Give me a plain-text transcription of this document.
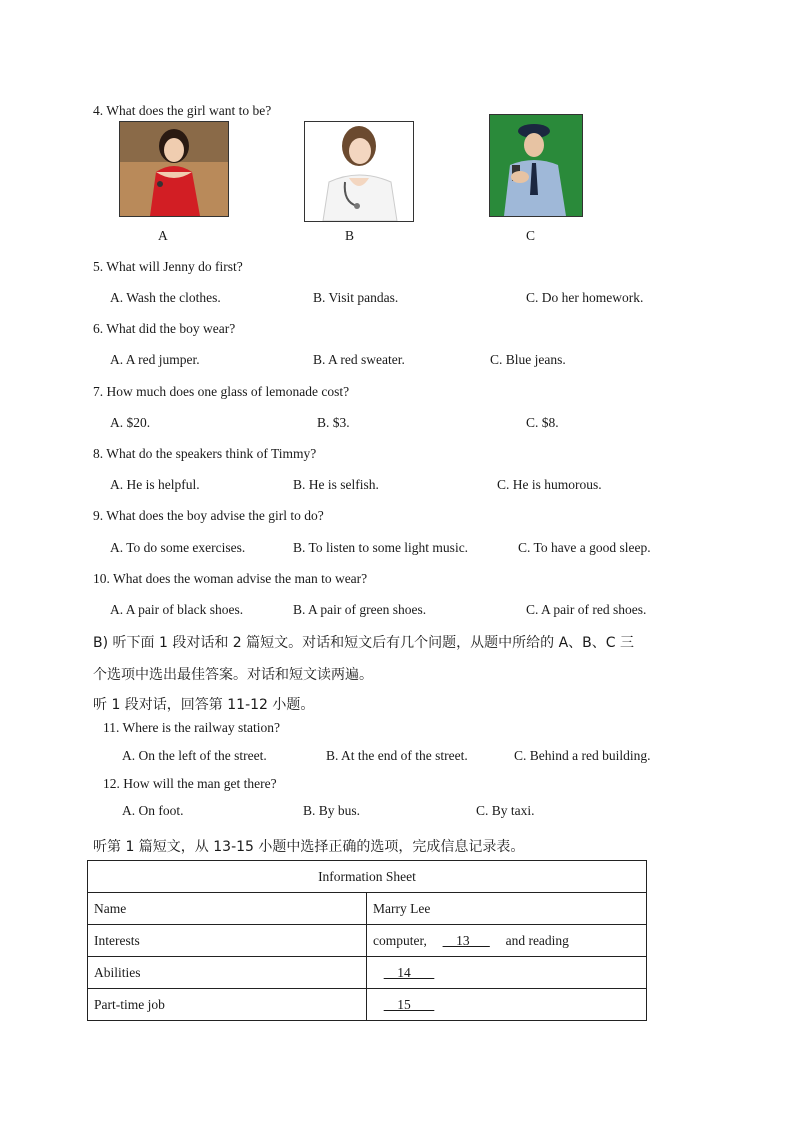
4. What does the girl want to be?
A	B	C
5. What will Jenny do first?
A. Wash the clothes.	B. Visit pandas.	C. Do her homework.
6. What did the boy wear?
A. A red jumper.	B. A red sweater.	C. Blue jeans.
7. How much does one glass of lemonade cost?
A. $20.	B. $3.	C. $8.
8. What do the speakers think of Timmy?
A. He is helpful.	B. He is selfish.	C. He is humorous.
9. What does the boy advise the girl to do?
A. To do some exercises.	B. To listen to some light music.	C. To have a good sleep.
10. What does the woman advise the man to wear?
A. A pair of black shoes.	B. A pair of green shoes.	C. A pair of red shoes.
B) 听下面 1 段对话和 2 篇短文。对话和短文后有几个问题，从题中所给的 A、B、C 三
个选项中选出最佳答案。对话和短文读两遍。
听 1 段对话，回答第 11-12 小题。
11. Where is the railway station?
A. On the left of the street.	B. At the end of the street.	C. Behind a red building.
12. How will the man get there?
A. On foot.	B. By bus.	C. By taxi.
听第 1 篇短文，从 13-15 小题中选择正确的选项，完成信息记录表。
Information Sheet	
Name	Marry Lee
Interests	computer,     13       and reading
Abilities	14
Part-time job	15
